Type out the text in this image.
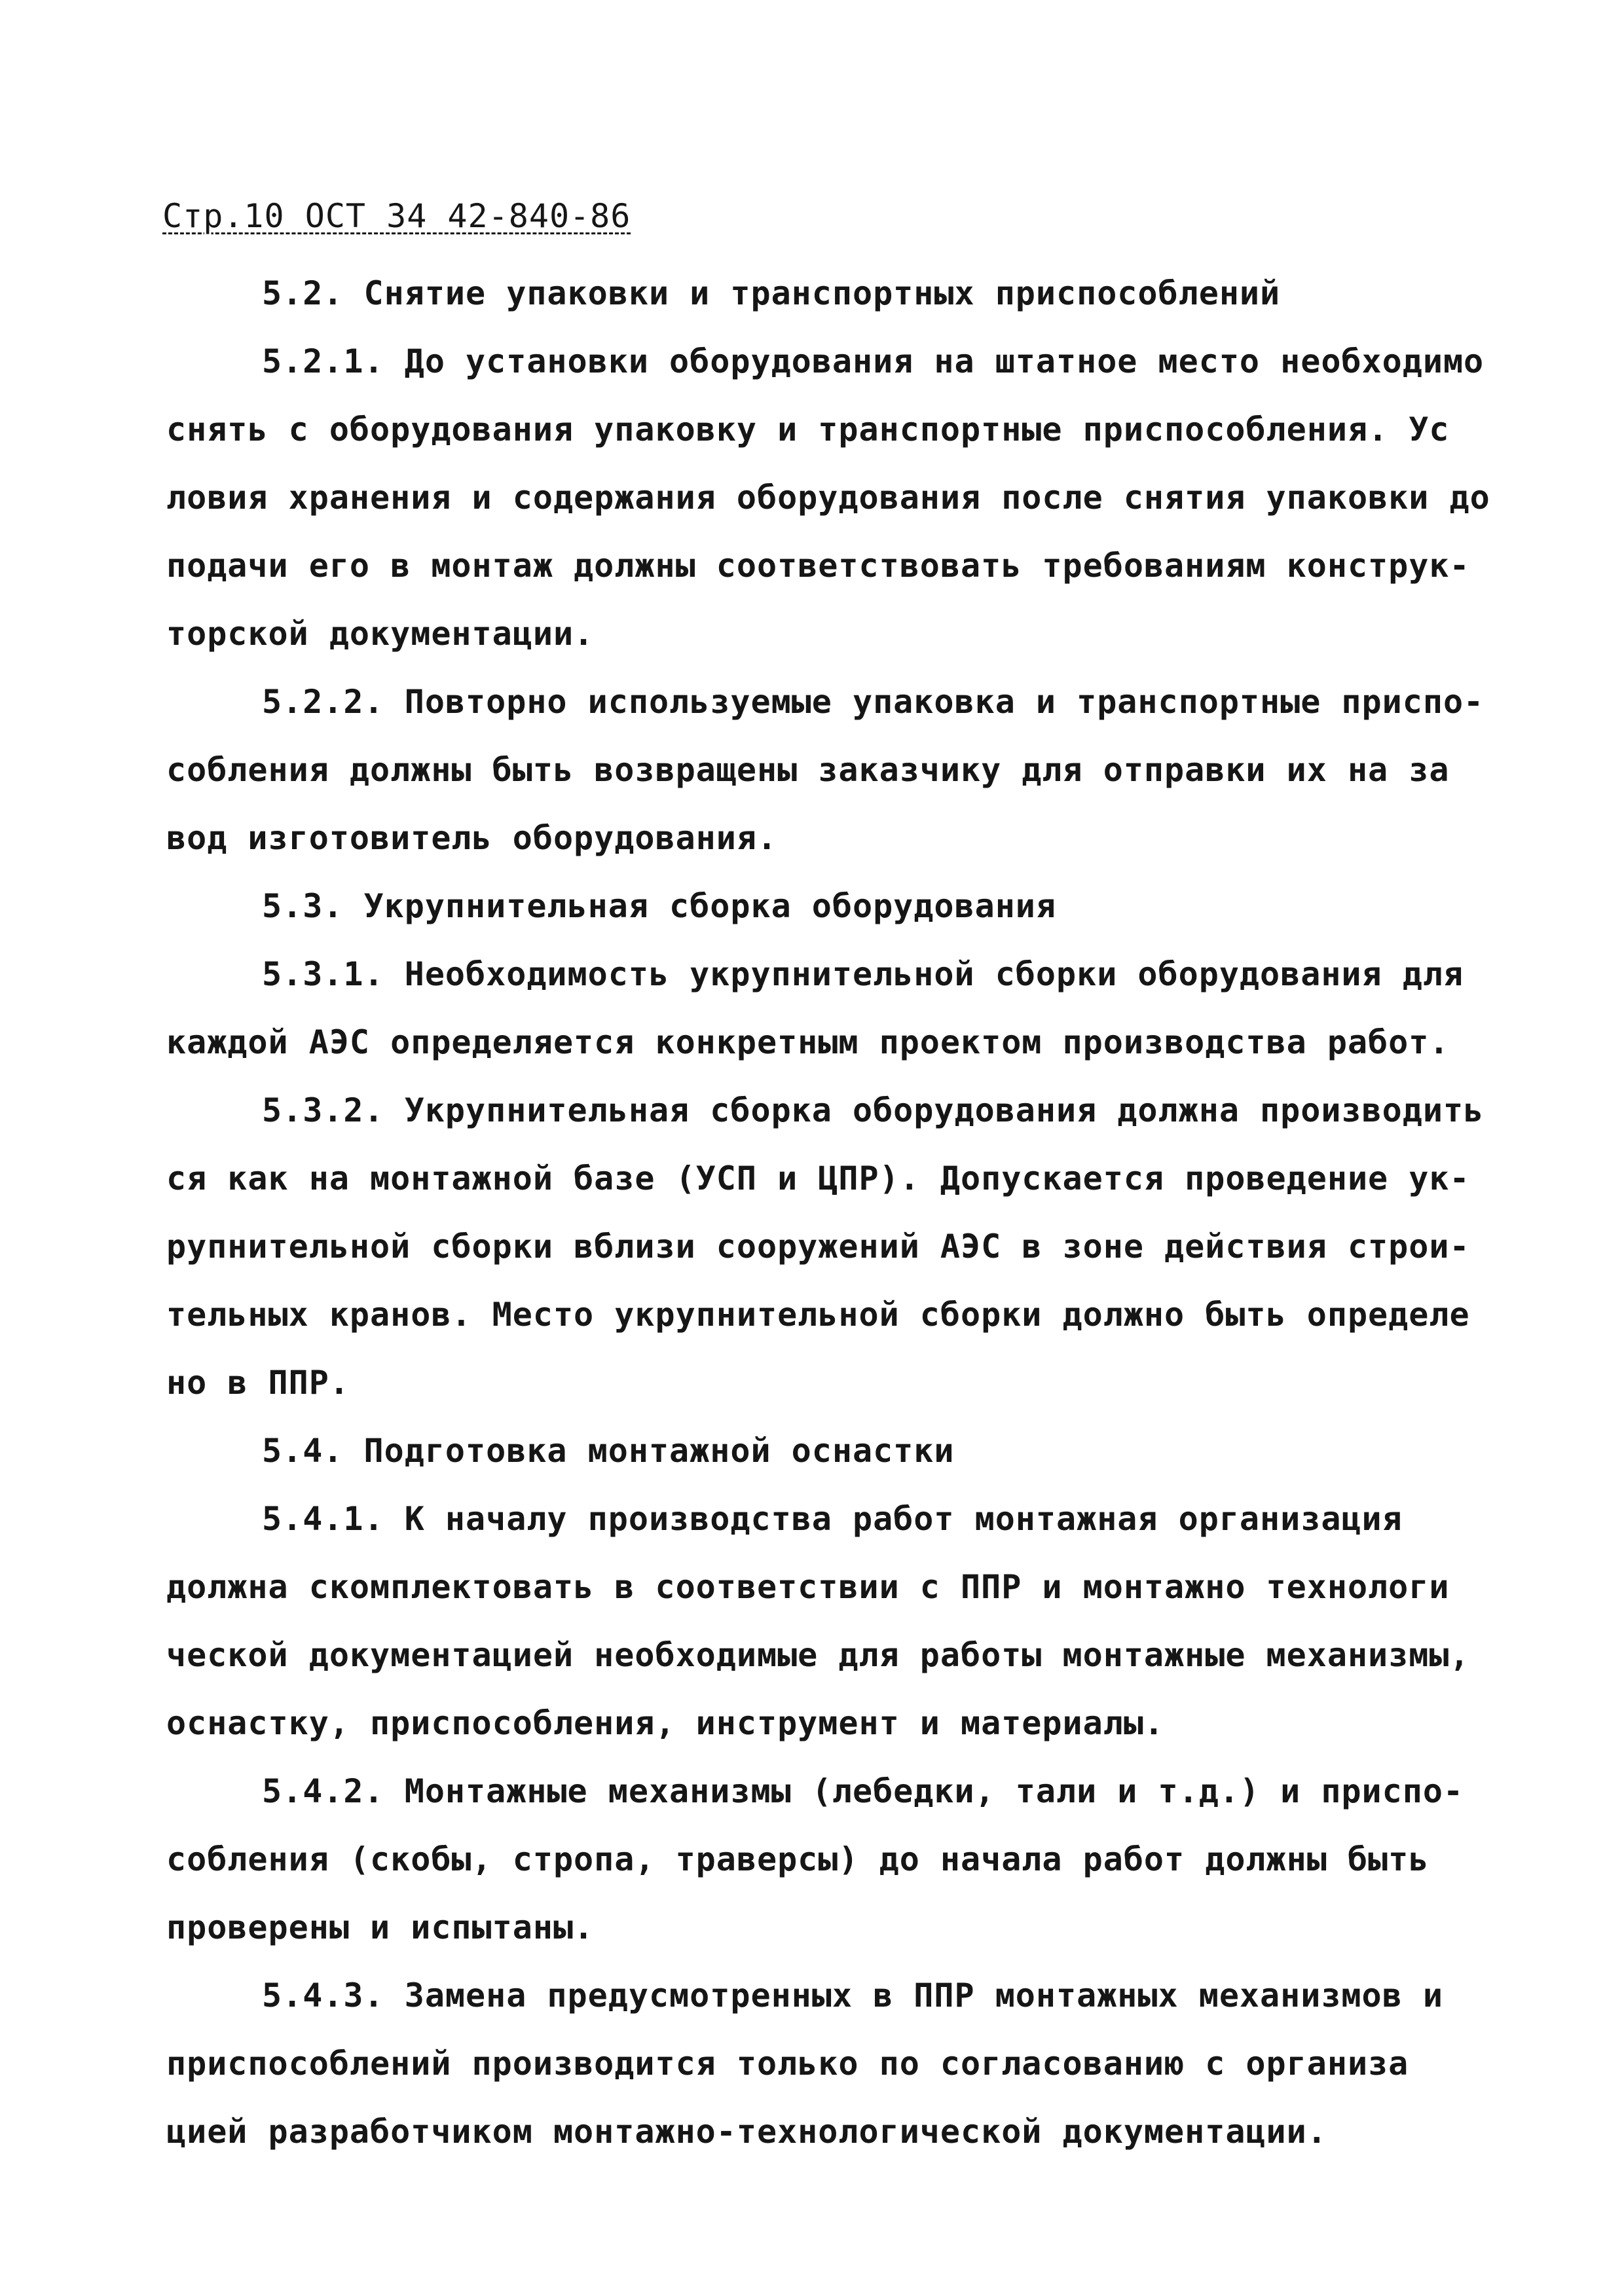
Стр.10 ОСТ 34 42-840-86
5.2. Снятие упаковки и транспортных приспособлений
5.2.1. До установки оборудования на штатное место необходимо
снять с оборудования упаковку и транспортные приспособления. Ус
ловия хранения и содержания оборудования после снятия упаковки до
подачи его в монтаж должны соответствовать требованиям конструк-
торской документации.
5.2.2. Повторно используемые упаковка и транспортные приспо-
собления должны быть возвращены заказчику для отправки их на за
вод изготовитель оборудования.
5.3. Укрупнительная сборка оборудования
5.3.1. Необходимость укрупнительной сборки оборудования для
каждой АЭС определяется конкретным проектом производства работ.
5.3.2. Укрупнительная сборка оборудования должна производить
ся как на монтажной базе (УСП и ЦПР). Допускается проведение ук-
рупнительной сборки вблизи сооружений АЭС в зоне действия строи-
тельных кранов. Место укрупнительной сборки должно быть определе
но в ППР.
5.4. Подготовка монтажной оснастки
5.4.1. К началу производства работ монтажная организация
должна скомплектовать в соответствии с ППР и монтажно технологи
ческой документацией необходимые для работы монтажные механизмы,
оснастку, приспособления, инструмент и материалы.
5.4.2. Монтажные механизмы (лебедки, тали и т.д.) и приспо-
собления (скобы, стропа, траверсы) до начала работ должны быть
проверены и испытаны.
5.4.3. Замена предусмотренных в ППР монтажных механизмов и
приспособлений производится только по согласованию с организа
цией разработчиком монтажно-технологической документации.
